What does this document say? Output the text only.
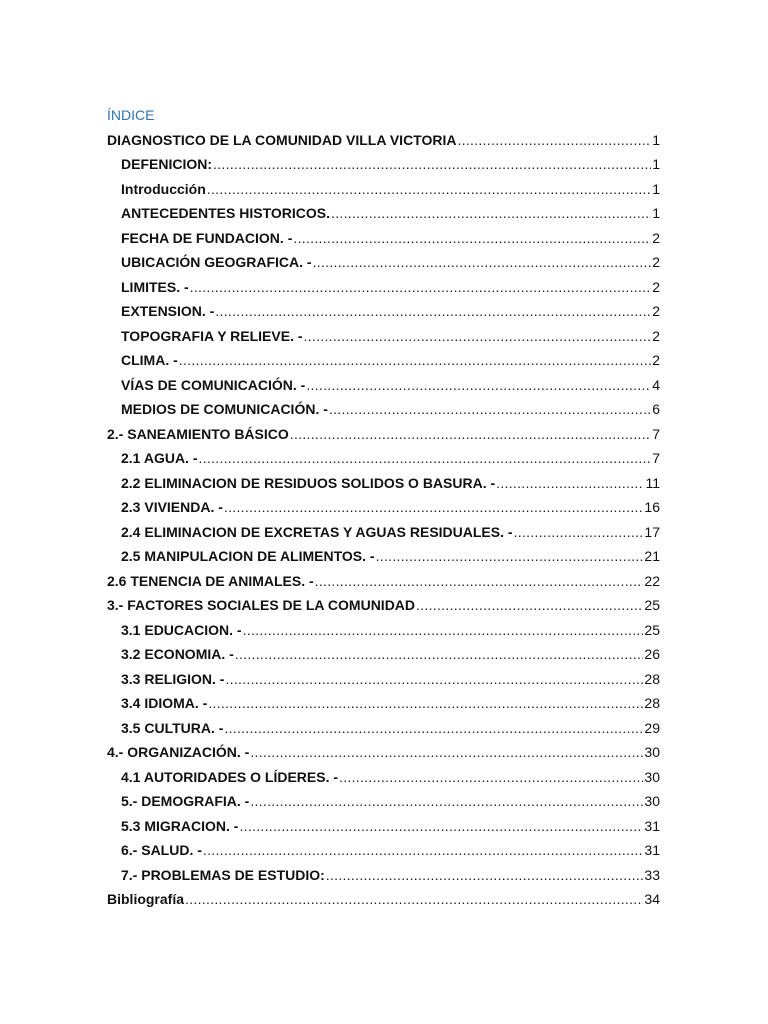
ÍNDICE
DIAGNOSTICO DE LA COMUNIDAD VILLA VICTORIA .....	1
DEFENICION: .....	1
Introducción .....	1
ANTECEDENTES HISTORICOS. .....	1
FECHA DE FUNDACION. - .....	2
UBICACIÓN GEOGRAFICA. - .....	2
LIMITES. - .....	2
EXTENSION. - .....	2
TOPOGRAFIA Y RELIEVE. - .....	2
CLIMA. - .....	2
VÍAS DE COMUNICACIÓN. - .....	4
MEDIOS DE COMUNICACIÓN. - .....	6
2.- SANEAMIENTO BÁSICO .....	7
2.1 AGUA. - .....	7
2.2 ELIMINACION DE RESIDUOS SOLIDOS O BASURA. - .....	11
2.3 VIVIENDA. - .....	16
2.4 ELIMINACION DE EXCRETAS Y AGUAS RESIDUALES. - .....	17
2.5 MANIPULACION DE ALIMENTOS. - .....	21
2.6 TENENCIA DE ANIMALES. - .....	22
3.- FACTORES SOCIALES DE LA COMUNIDAD .....	25
3.1 EDUCACION. - .....	25
3.2 ECONOMIA. - .....	26
3.3 RELIGION. - .....	28
3.4 IDIOMA. - .....	28
3.5 CULTURA. - .....	29
4.- ORGANIZACIÓN. - .....	30
4.1 AUTORIDADES O LÍDERES. - .....	30
5.- DEMOGRAFIA. - .....	30
5.3 MIGRACION. - .....	31
6.- SALUD. - .....	31
7.- PROBLEMAS DE ESTUDIO: .....	33
Bibliografía .....	34
